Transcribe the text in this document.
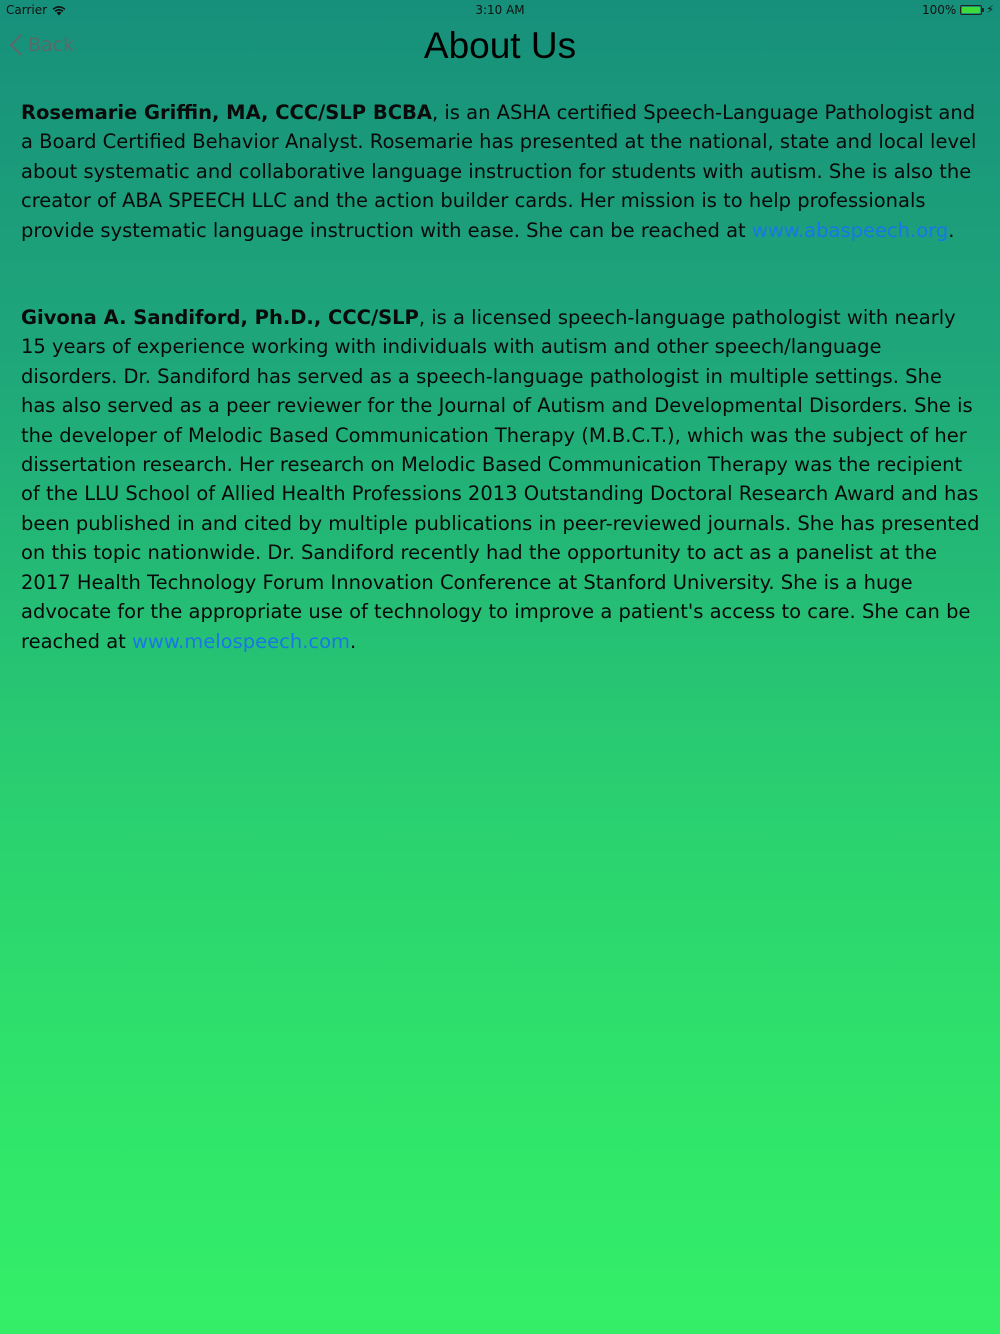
Carrier	3:10 AM	100%	⚡
Back	About Us

Rosemarie Griffin, MA, CCC/SLP BCBA, is an ASHA certified Speech-Language Pathologist and a Board Certified Behavior Analyst. Rosemarie has presented at the national, state and local level about systematic and collaborative language instruction for students with autism. She is also the creator of ABA SPEECH LLC and the action builder cards. Her mission is to help professionals provide systematic language instruction with ease. She can be reached at www.abaspeech.org.

Givona A. Sandiford, Ph.D., CCC/SLP, is a licensed speech-language pathologist with nearly 15 years of experience working with individuals with autism and other speech/language disorders. Dr. Sandiford has served as a speech-language pathologist in multiple settings. She has also served as a peer reviewer for the Journal of Autism and Developmental Disorders. She is the developer of Melodic Based Communication Therapy (M.B.C.T.), which was the subject of her dissertation research. Her research on Melodic Based Communication Therapy was the recipient of the LLU School of Allied Health Professions 2013 Outstanding Doctoral Research Award and has been published in and cited by multiple publications in peer-reviewed journals. She has presented on this topic nationwide. Dr. Sandiford recently had the opportunity to act as a panelist at the 2017 Health Technology Forum Innovation Conference at Stanford University. She is a huge advocate for the appropriate use of technology to improve a patient's access to care. She can be reached at www.melospeech.com.
